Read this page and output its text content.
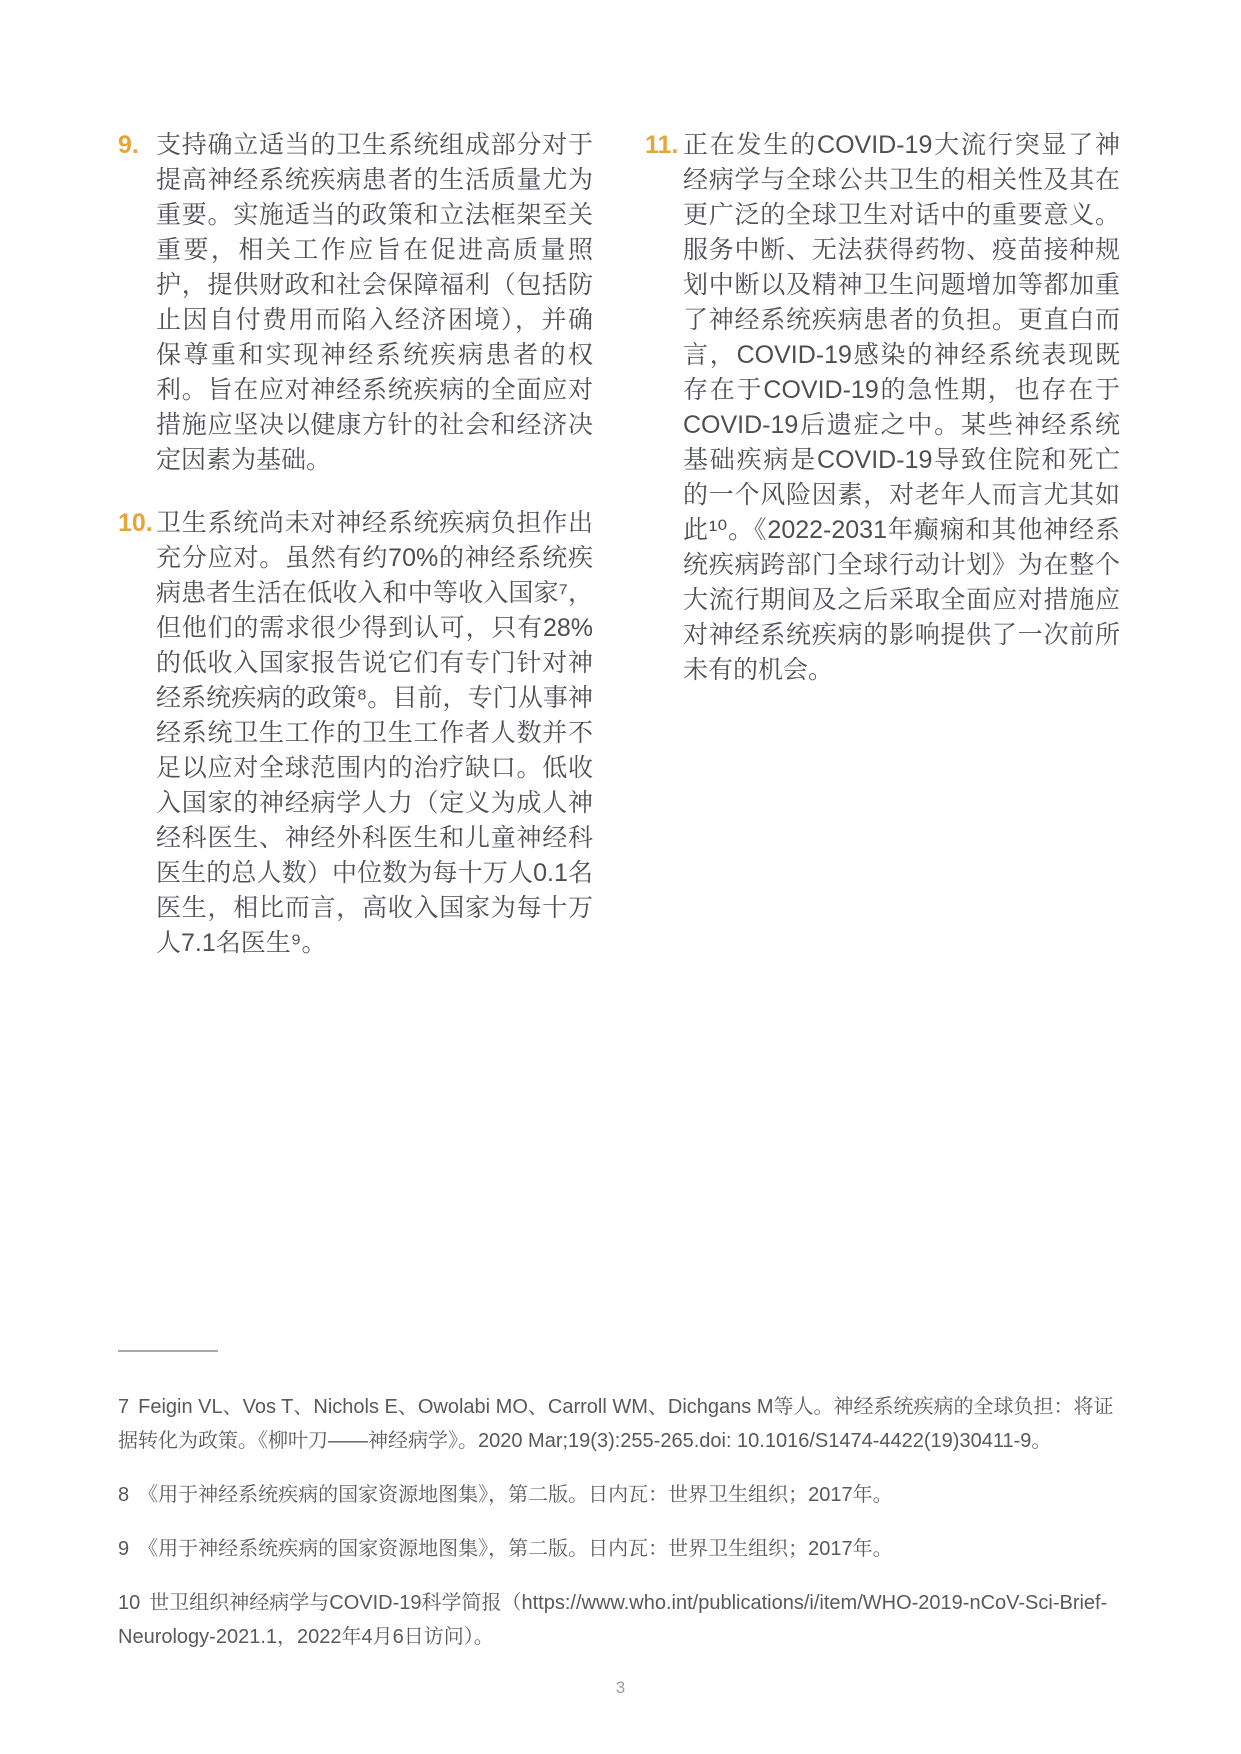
9. 支持确立适当的卫生系统组成部分对于提高神经系统疾病患者的生活质量尤为重要。实施适当的政策和立法框架至关重要，相关工作应旨在促进高质量照护，提供财政和社会保障福利（包括防止因自付费用而陷入经济困境），并确保尊重和实现神经系统疾病患者的权利。旨在应对神经系统疾病的全面应对措施应坚决以健康方针的社会和经济决定因素为基础。
10. 卫生系统尚未对神经系统疾病负担作出充分应对。虽然有约70%的神经系统疾病患者生活在低收入和中等收入国家⁷，但他们的需求很少得到认可，只有28%的低收入国家报告说它们有专门针对神经系统疾病的政策⁸。目前，专门从事神经系统卫生工作的卫生工作者人数并不足以应对全球范围内的治疗缺口。低收入国家的神经病学人力（定义为成人神经科医生、神经外科医生和儿童神经科医生的总人数）中位数为每十万人0.1名医生，相比而言，高收入国家为每十万人7.1名医生⁹。
11. 正在发生的COVID-19大流行突显了神经病学与全球公共卫生的相关性及其在更广泛的全球卫生对话中的重要意义。服务中断、无法获得药物、疫苗接种规划中断以及精神卫生问题增加等都加重了神经系统疾病患者的负担。更直白而言，COVID-19感染的神经系统表现既存在于COVID-19的急性期，也存在于COVID-19后遗症之中。某些神经系统基础疾病是COVID-19导致住院和死亡的一个风险因素，对老年人而言尤其如此¹⁰。《2022-2031年癫痫和其他神经系统疾病跨部门全球行动计划》为在整个大流行期间及之后采取全面应对措施应对神经系统疾病的影响提供了一次前所未有的机会。

7 Feigin VL、Vos T、Nichols E、Owolabi MO、Carroll WM、Dichgans M等人。神经系统疾病的全球负担：将证据转化为政策。《柳叶刀——神经病学》。2020 Mar;19(3):255-265.doi: 10.1016/S1474-4422(19)30411-9。

8 《用于神经系统疾病的国家资源地图集》，第二版。日内瓦：世界卫生组织；2017年。

9 《用于神经系统疾病的国家资源地图集》，第二版。日内瓦：世界卫生组织；2017年。

10 世卫组织神经病学与COVID-19科学简报（https://www.who.int/publications/i/item/WHO-2019-nCoV-Sci-Brief-Neurology-2021.1，2022年4月6日访问）。

3
